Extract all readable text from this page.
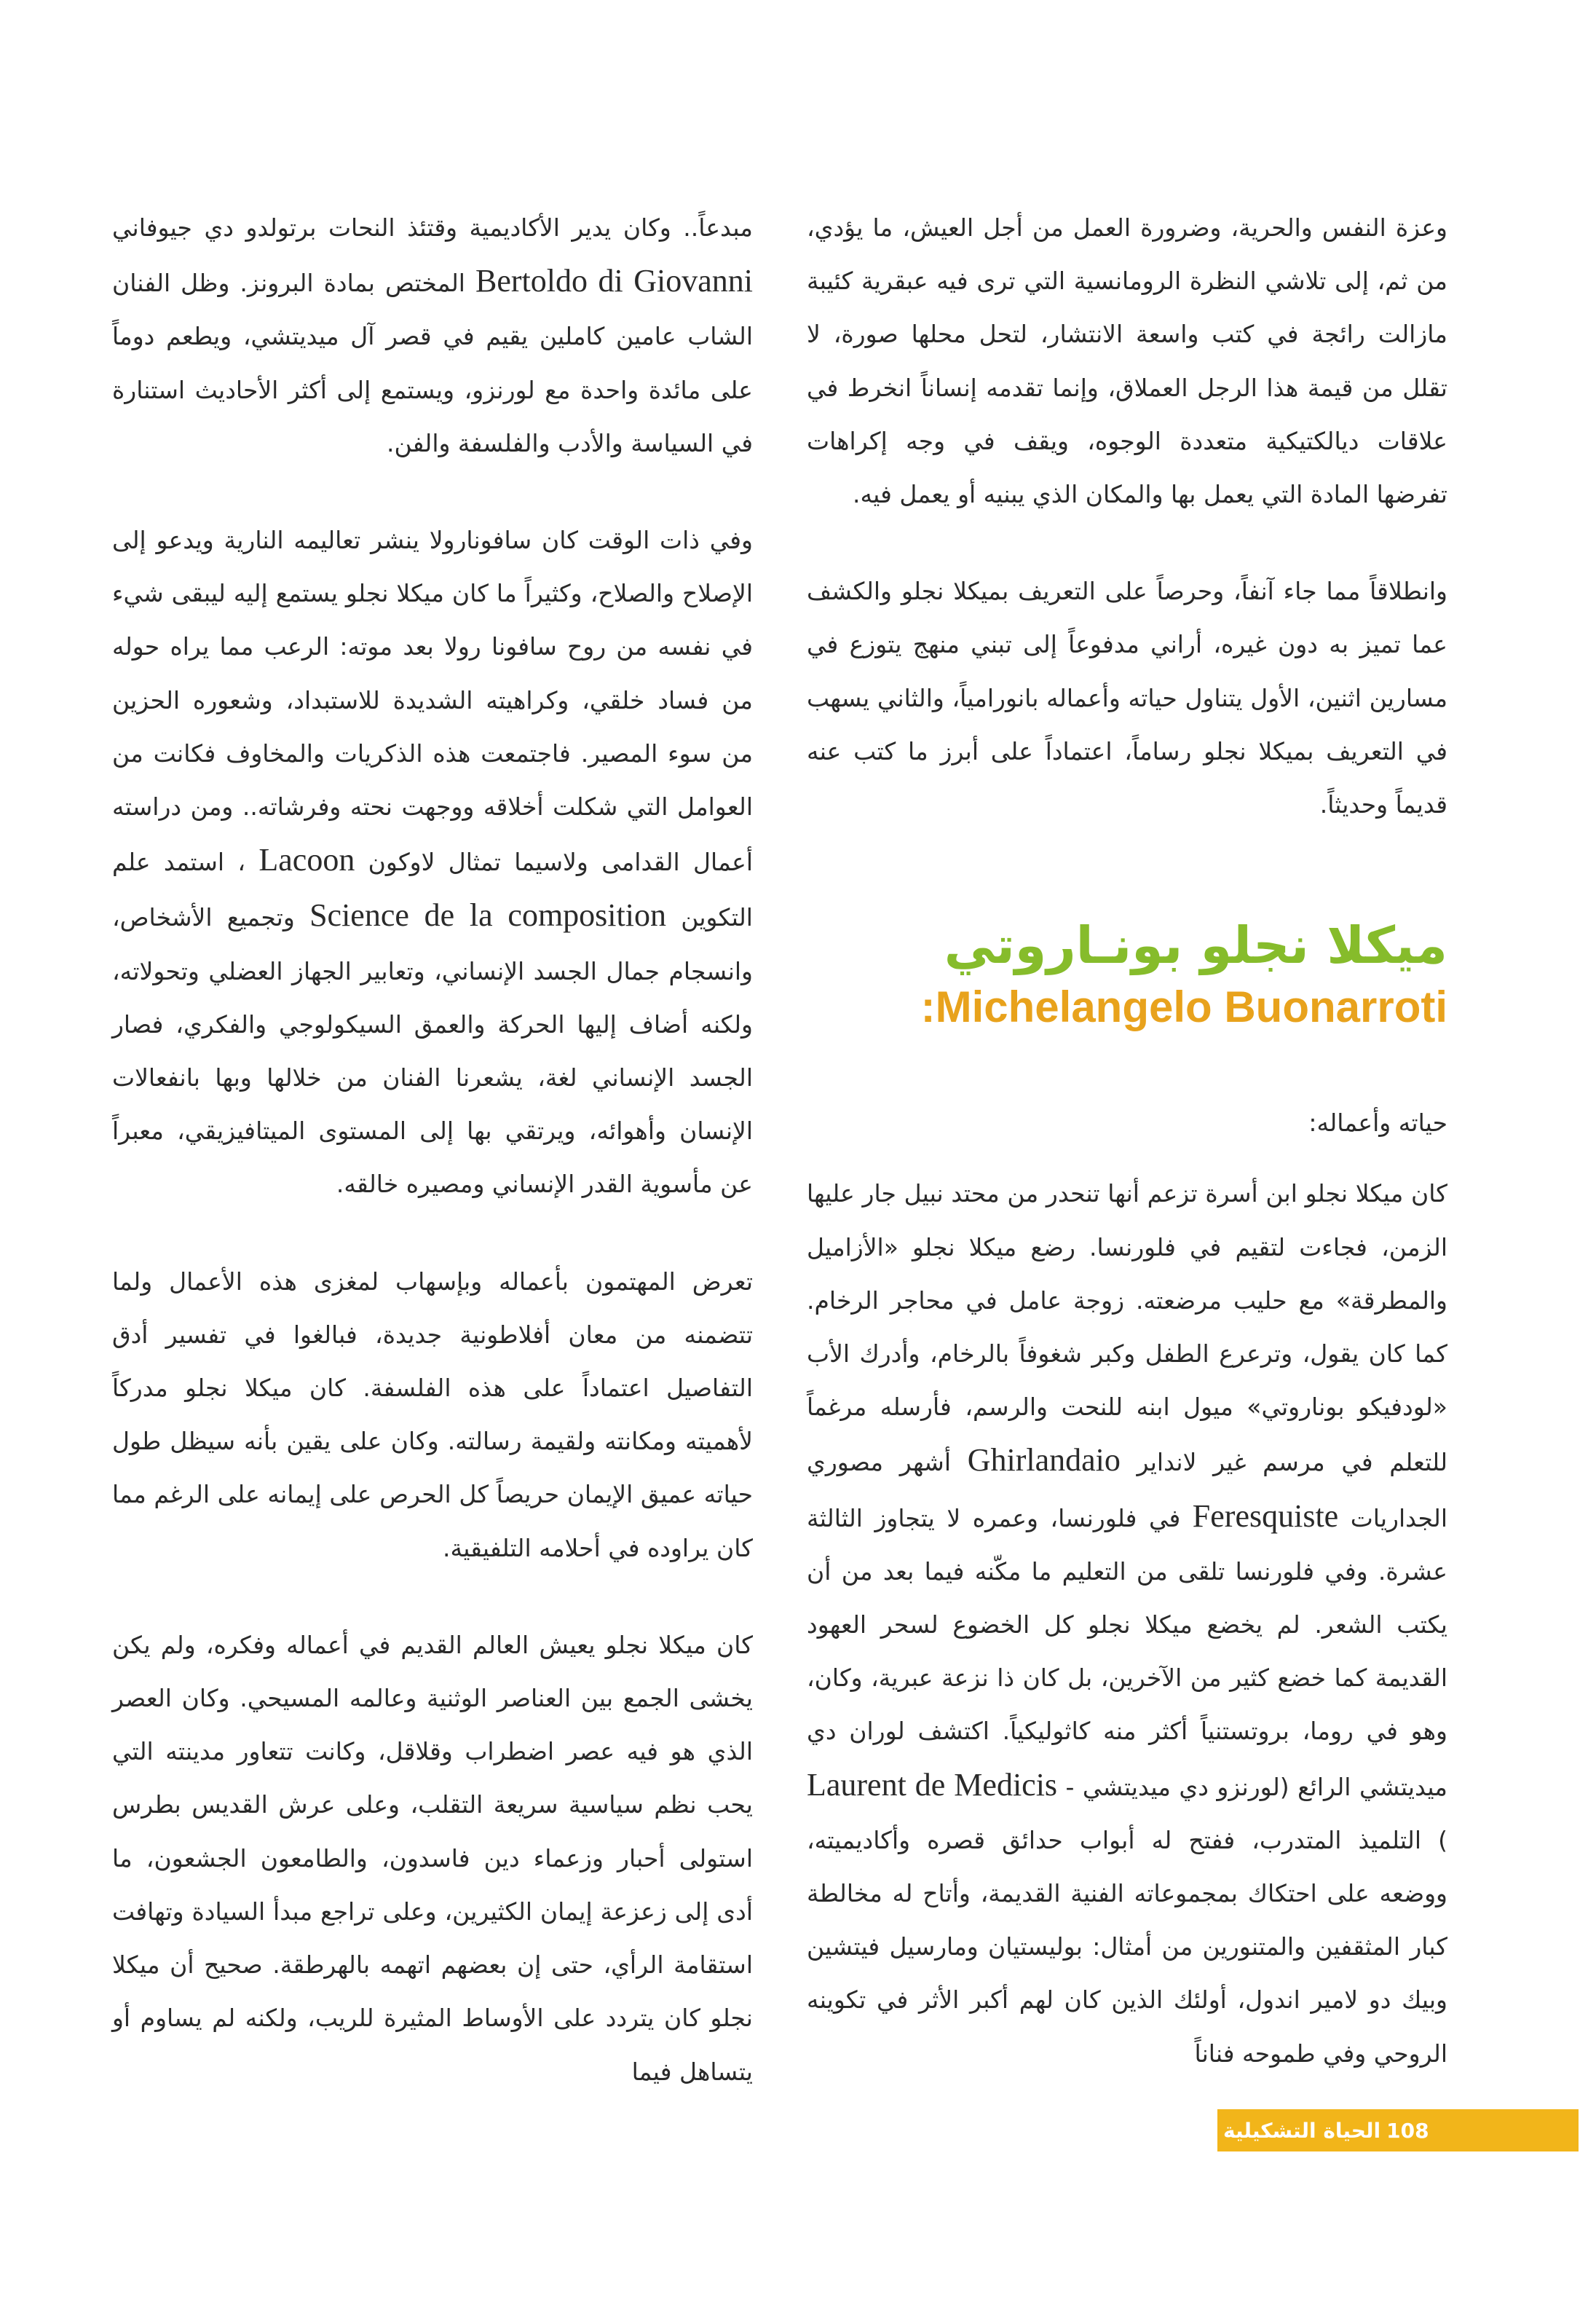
وعزة النفس والحرية، وضرورة العمل من أجل العيش، ما يؤدي، من ثم، إلى تلاشي النظرة الرومانسية التي ترى فيه عبقرية كئيبة مازالت رائجة في كتب واسعة الانتشار، لتحل محلها صورة، لا تقلل من قيمة هذا الرجل العملاق، وإنما تقدمه إنساناً انخرط في علاقات ديالكتيكية متعددة الوجوه، ويقف في وجه إكراهات تفرضها المادة التي يعمل بها والمكان الذي يبنيه أو يعمل فيه.

وانطلاقاً مما جاء آنفاً، وحرصاً على التعريف بميكلا نجلو والكشف عما تميز به دون غيره، أراني مدفوعاً إلى تبني منهج يتوزع في مسارين اثنين، الأول يتناول حياته وأعماله بانورامياً، والثاني يسهب في التعريف بميكلا نجلو رساماً، اعتماداً على أبرز ما كتب عنه قديماً وحديثاً.

ميكلا نجلو بونـاروتي

:Michelangelo Buonarroti

حياته وأعماله:

كان ميكلا نجلو ابن أسرة تزعم أنها تنحدر من محتد نبيل جار عليها الزمن، فجاءت لتقيم في فلورنسا. رضع ميكلا نجلو «الأزاميل والمطرقة» مع حليب مرضعته. زوجة عامل في محاجر الرخام. كما كان يقول، وترعرع الطفل وكبر شغوفاً بالرخام، وأدرك الأب «لودفيكو بوناروتي» ميول ابنه للنحت والرسم، فأرسله مرغماً للتعلم في مرسم غير لانداير Ghirlandaio أشهر مصوري الجداريات Feresquiste في فلورنسا، وعمره لا يتجاوز الثالثة عشرة. وفي فلورنسا تلقى من التعليم ما مكّنه فيما بعد من أن يكتب الشعر. لم يخضع ميكلا نجلو كل الخضوع لسحر العهود القديمة كما خضع كثير من الآخرين، بل كان ذا نزعة عبرية، وكان، وهو في روما، بروتستنياً أكثر منه كاثوليكياً. اكتشف لوران دي ميديتشي الرائع (لورنزو دي ميديتشي - Laurent de Medicis ) التلميذ المتدرب، ففتح له أبواب حدائق قصره وأكاديميته، ووضعه على احتكاك بمجموعاته الفنية القديمة، وأتاح له مخالطة كبار المثقفين والمتنورين من أمثال: بوليستيان ومارسيل فيتشين وبيك دو لامير اندول، أولئك الذين كان لهم أكبر الأثر في تكوينه الروحي وفي طموحه فناناً

مبدعاً.. وكان يدير الأكاديمية وقتئذ النحات برتولدو دي جيوفاني Bertoldo di Giovanni المختص بمادة البرونز. وظل الفنان الشاب عامين كاملين يقيم في قصر آل ميديتشي، ويطعم دوماً على مائدة واحدة مع لورنزو، ويستمع إلى أكثر الأحاديث استنارة في السياسة والأدب والفلسفة والفن.

وفي ذات الوقت كان سافونارولا ينشر تعاليمه النارية ويدعو إلى الإصلاح والصلاح، وكثيراً ما كان ميكلا نجلو يستمع إليه ليبقى شيء في نفسه من روح سافونا رولا بعد موته: الرعب مما يراه حوله من فساد خلقي، وكراهيته الشديدة للاستبداد، وشعوره الحزين من سوء المصير. فاجتمعت هذه الذكريات والمخاوف فكانت من العوامل التي شكلت أخلاقه ووجهت نحته وفرشاته.. ومن دراسته أعمال القدامى ولاسيما تمثال لاوكون Lacoon ، استمد علم التكوين Science de la composition وتجميع الأشخاص، وانسجام جمال الجسد الإنساني، وتعابير الجهاز العضلي وتحولاته، ولكنه أضاف إليها الحركة والعمق السيكولوجي والفكري، فصار الجسد الإنساني لغة، يشعرنا الفنان من خلالها وبها بانفعالات الإنسان وأهوائه، ويرتقي بها إلى المستوى الميتافيزيقي، معبراً عن مأسوية القدر الإنساني ومصيره خالقه.

تعرض المهتمون بأعماله وبإسهاب لمغزى هذه الأعمال ولما تتضمنه من معان أفلاطونية جديدة، فبالغوا في تفسير أدق التفاصيل اعتماداً على هذه الفلسفة. كان ميكلا نجلو مدركاً لأهميته ومكانته ولقيمة رسالته. وكان على يقين بأنه سيظل طول حياته عميق الإيمان حريصاً كل الحرص على إيمانه على الرغم مما كان يراوده في أحلامه التلفيقية.

كان ميكلا نجلو يعيش العالم القديم في أعماله وفكره، ولم يكن يخشى الجمع بين العناصر الوثنية وعالمه المسيحي. وكان العصر الذي هو فيه عصر اضطراب وقلاقل، وكانت تتعاور مدينته التي يحب نظم سياسية سريعة التقلب، وعلى عرش القديس بطرس استولى أحبار وزعماء دين فاسدون، والطامعون الجشعون، ما أدى إلى زعزعة إيمان الكثيرين، وعلى تراجع مبدأ السيادة وتهافت استقامة الرأي، حتى إن بعضهم اتهمه بالهرطقة. صحيح أن ميكلا نجلو كان يتردد على الأوساط المثيرة للريب، ولكنه لم يساوم أو يتساهل فيما

108الحياة التشكيلية
